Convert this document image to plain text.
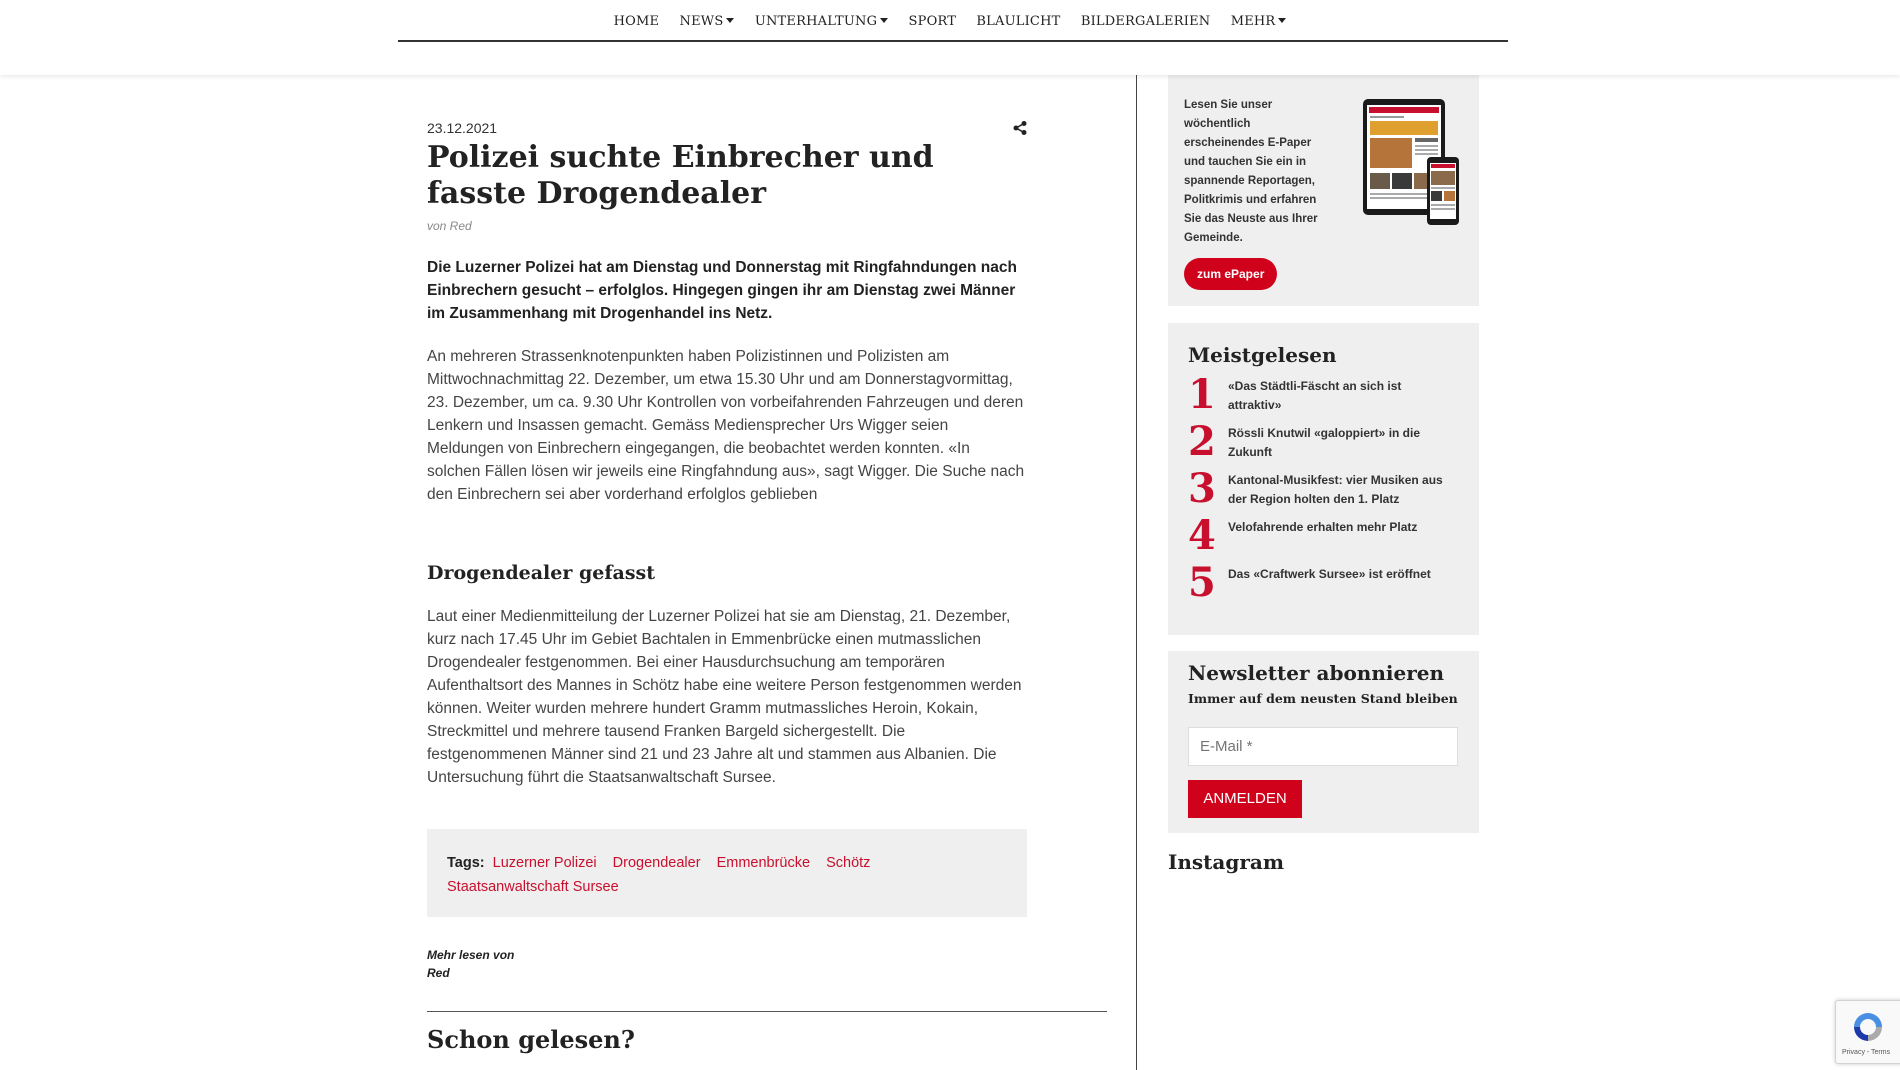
HOME NEWS UNTERHALTUNG SPORT BLAULICHT BILDERGALERIEN MEHR
23.12.2021
Polizei suchte Einbrecher und fasste Drogendealer
von Red

Die Luzerner Polizei hat am Dienstag und Donnerstag mit Ringfahndungen nach Einbrechern gesucht – erfolglos. Hingegen gingen ihr am Dienstag zwei Männer im Zusammenhang mit Drogenhandel ins Netz.

An mehreren Strassenknotenpunkten haben Polizistinnen und Polizisten am Mittwochnachmittag 22. Dezember, um etwa 15.30 Uhr und am Donnerstagvormittag, 23. Dezember, um ca. 9.30 Uhr Kontrollen von vorbeifahrenden Fahrzeugen und deren Lenkern und Insassen gemacht. Gemäss Mediensprecher Urs Wigger seien Meldungen von Einbrechern eingegangen, die beobachtet werden konnten. «In solchen Fällen lösen wir jeweils eine Ringfahndung aus», sagt Wigger. Die Suche nach den Einbrechern sei aber vorderhand erfolglos geblieben

Drogendealer gefasst

Laut einer Medienmitteilung der Luzerner Polizei hat sie am Dienstag, 21. Dezember, kurz nach 17.45 Uhr im Gebiet Bachtalen in Emmenbrücke einen mutmasslichen Drogendealer festgenommen. Bei einer Hausdurchsuchung am temporären Aufenthaltsort des Mannes in Schötz habe eine weitere Person festgenommen werden können. Weiter wurden mehrere hundert Gramm mutmassliches Heroin, Kokain, Streckmittel und mehrere tausend Franken Bargeld sichergestellt. Die festgenommenen Männer sind 21 und 23 Jahre alt und stammen aus Albanien. Die Untersuchung führt die Staatsanwaltschaft Sursee.

Tags: Luzerner Polizei Drogendealer Emmenbrücke Schötz Staatsanwaltschaft Sursee
Mehr lesen von
Red
Schon gelesen?

Lesen Sie unser wöchentlich erscheinendes E-Paper und tauchen Sie ein in spannende Reportagen, Politkrimis und erfahren Sie das Neuste aus Ihrer Gemeinde.

zum ePaper
Meistgelesen
1 «Das Städtli-Fäscht an sich ist attraktiv»
2 Rössli Knutwil «galoppiert» in die Zukunft
3 Kantonal-Musikfest: vier Musiken aus der Region holten den 1. Platz
4 Velofahrende erhalten mehr Platz
5 Das «Craftwerk Sursee» ist eröffnet
Newsletter abonnieren
Immer auf dem neusten Stand bleiben
E-Mail *
ANMELDEN
Instagram
Privacy - Terms
